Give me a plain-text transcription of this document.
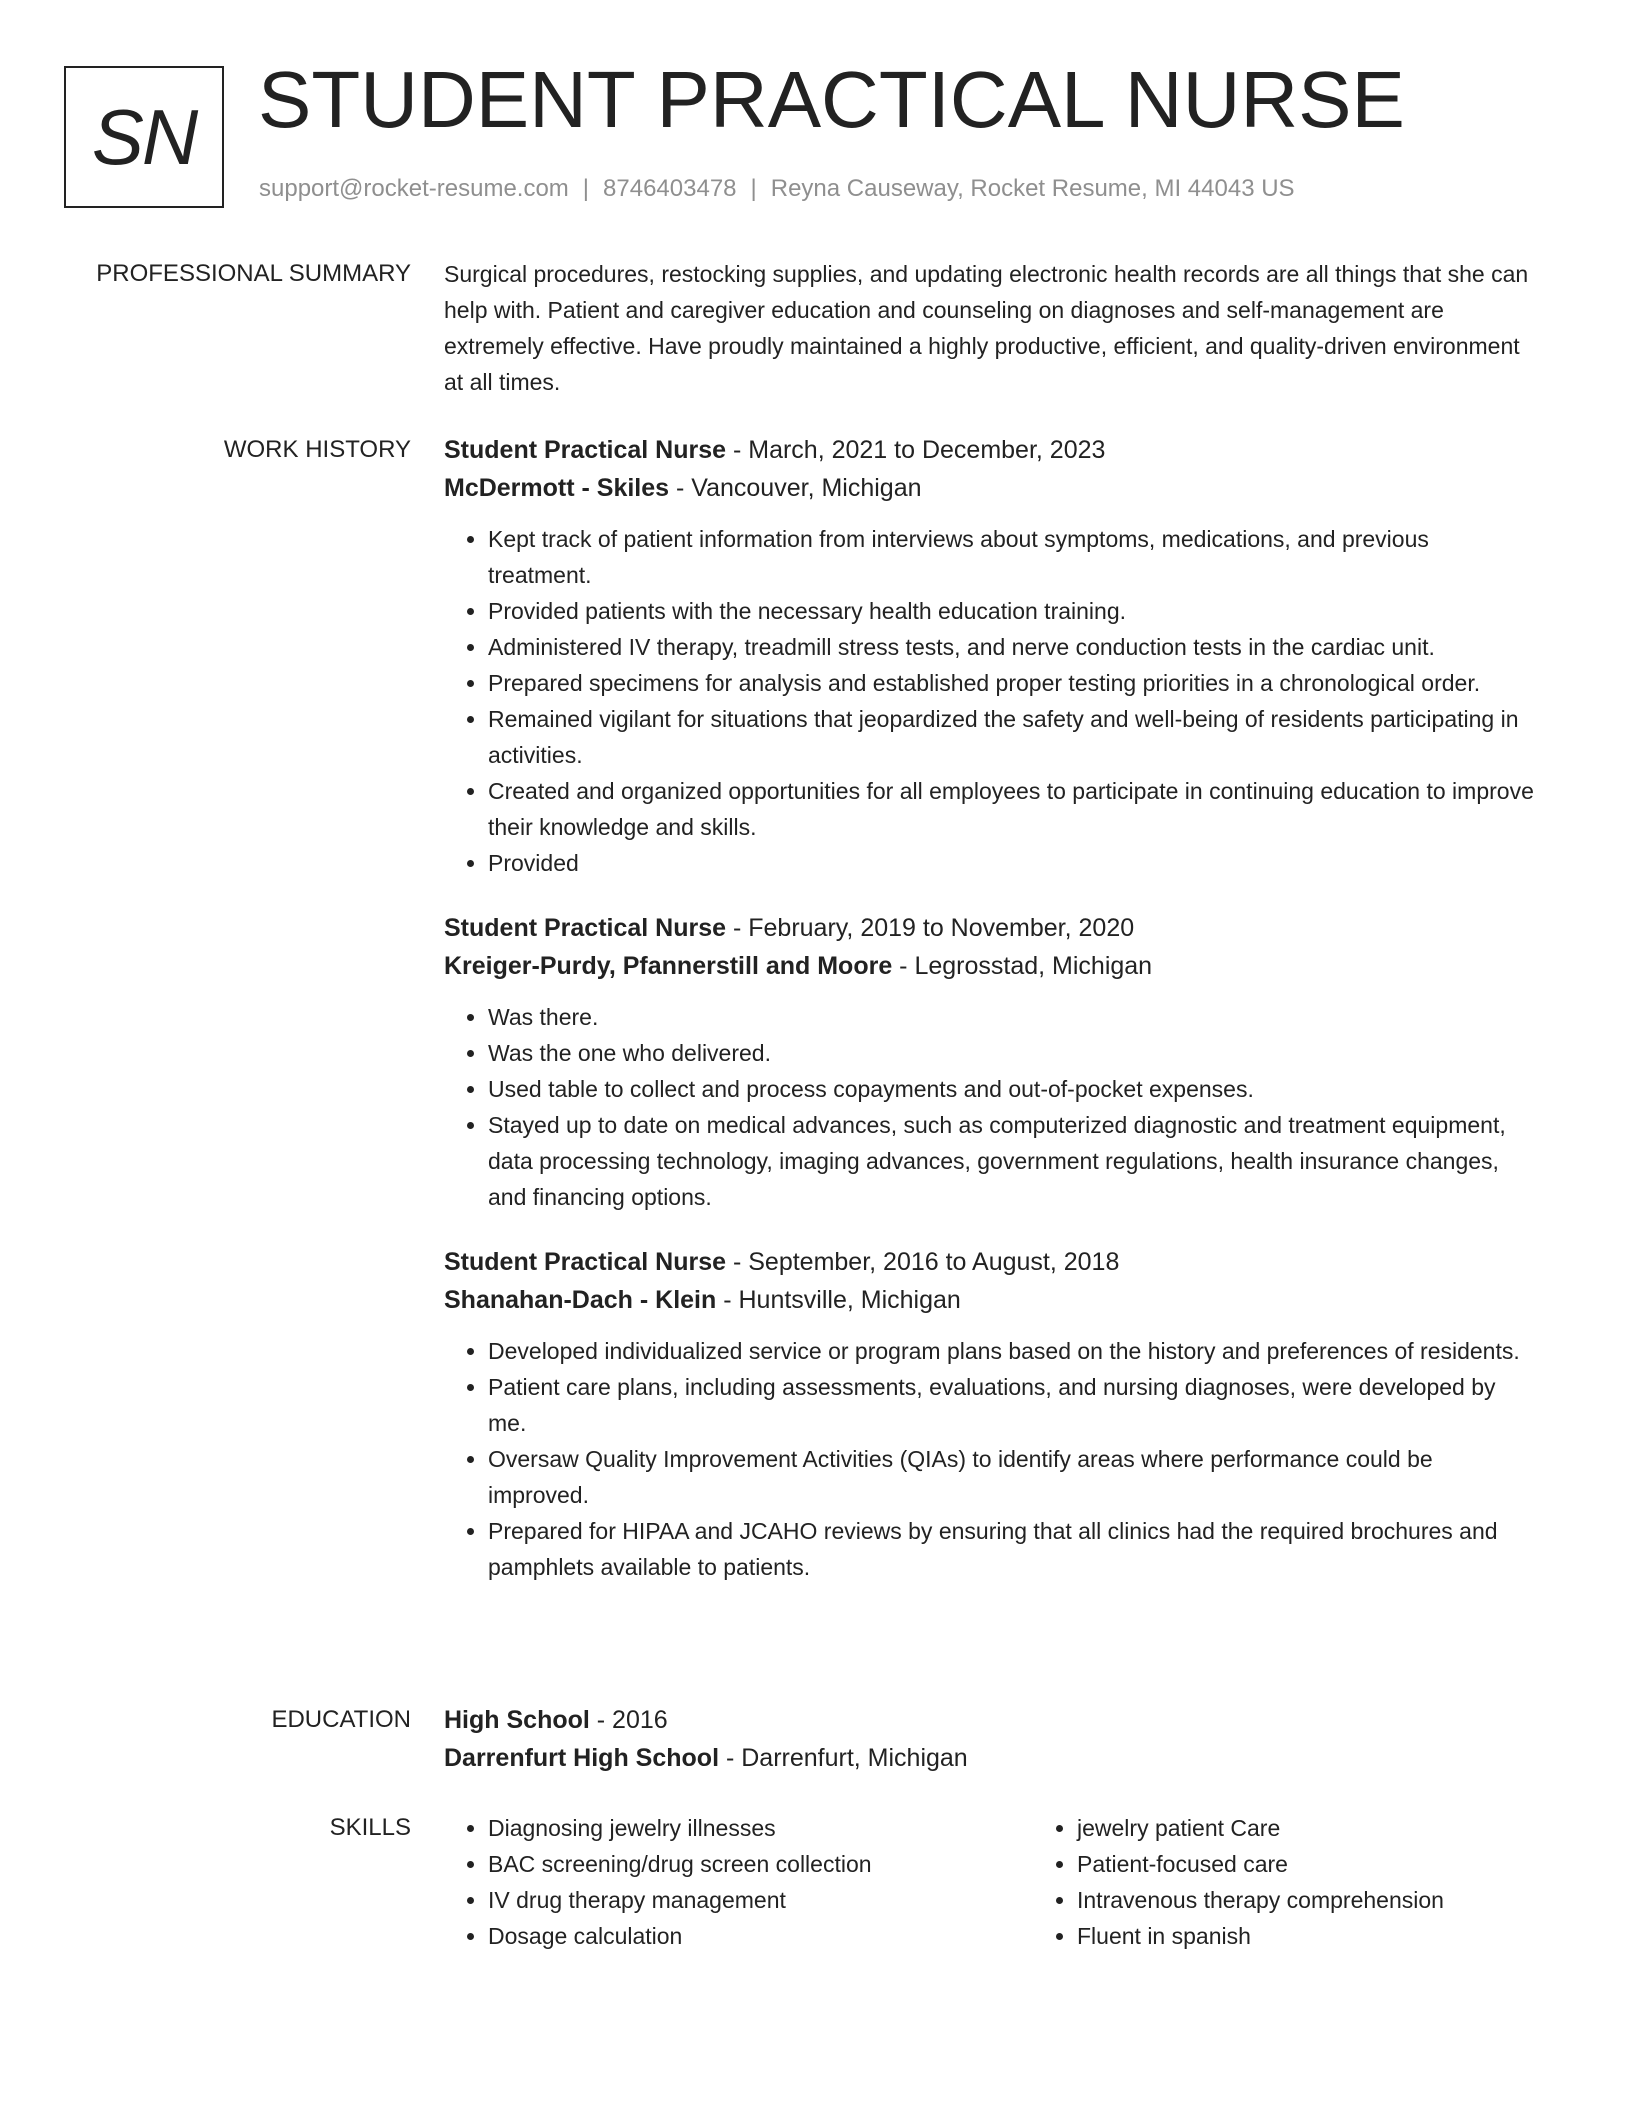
SN STUDENT PRACTICAL NURSE
support@rocket-resume.com | 8746403478 | Reyna Causeway, Rocket Resume, MI 44043 US
PROFESSIONAL SUMMARY Surgical procedures, restocking supplies, and updating electronic health records are all things that she can help with. Patient and caregiver education and counseling on diagnoses and self-management are extremely effective. Have proudly maintained a highly productive, efficient, and quality-driven environment at all times.
WORK HISTORY Student Practical Nurse - March, 2021 to December, 2023
McDermott - Skiles - Vancouver, Michigan
• Kept track of patient information from interviews about symptoms, medications, and previous treatment.
• Provided patients with the necessary health education training.
• Administered IV therapy, treadmill stress tests, and nerve conduction tests in the cardiac unit.
• Prepared specimens for analysis and established proper testing priorities in a chronological order.
• Remained vigilant for situations that jeopardized the safety and well-being of residents participating in activities.
• Created and organized opportunities for all employees to participate in continuing education to improve their knowledge and skills.
• Provided
Student Practical Nurse - February, 2019 to November, 2020
Kreiger-Purdy, Pfannerstill and Moore - Legrosstad, Michigan
• Was there.
• Was the one who delivered.
• Used table to collect and process copayments and out-of-pocket expenses.
• Stayed up to date on medical advances, such as computerized diagnostic and treatment equipment, data processing technology, imaging advances, government regulations, health insurance changes, and financing options.
Student Practical Nurse - September, 2016 to August, 2018
Shanahan-Dach - Klein - Huntsville, Michigan
• Developed individualized service or program plans based on the history and preferences of residents.
• Patient care plans, including assessments, evaluations, and nursing diagnoses, were developed by me.
• Oversaw Quality Improvement Activities (QIAs) to identify areas where performance could be improved.
• Prepared for HIPAA and JCAHO reviews by ensuring that all clinics had the required brochures and pamphlets available to patients.
EDUCATION High School - 2016
Darrenfurt High School - Darrenfurt, Michigan
SKILLS
•	Diagnosing jewelry illnesses
• BAC screening/drug screen collection
• IV drug therapy management
• Dosage calculation
• jewelry patient Care
• Patient-focused care
• Intravenous therapy comprehension
• Fluent in spanish
